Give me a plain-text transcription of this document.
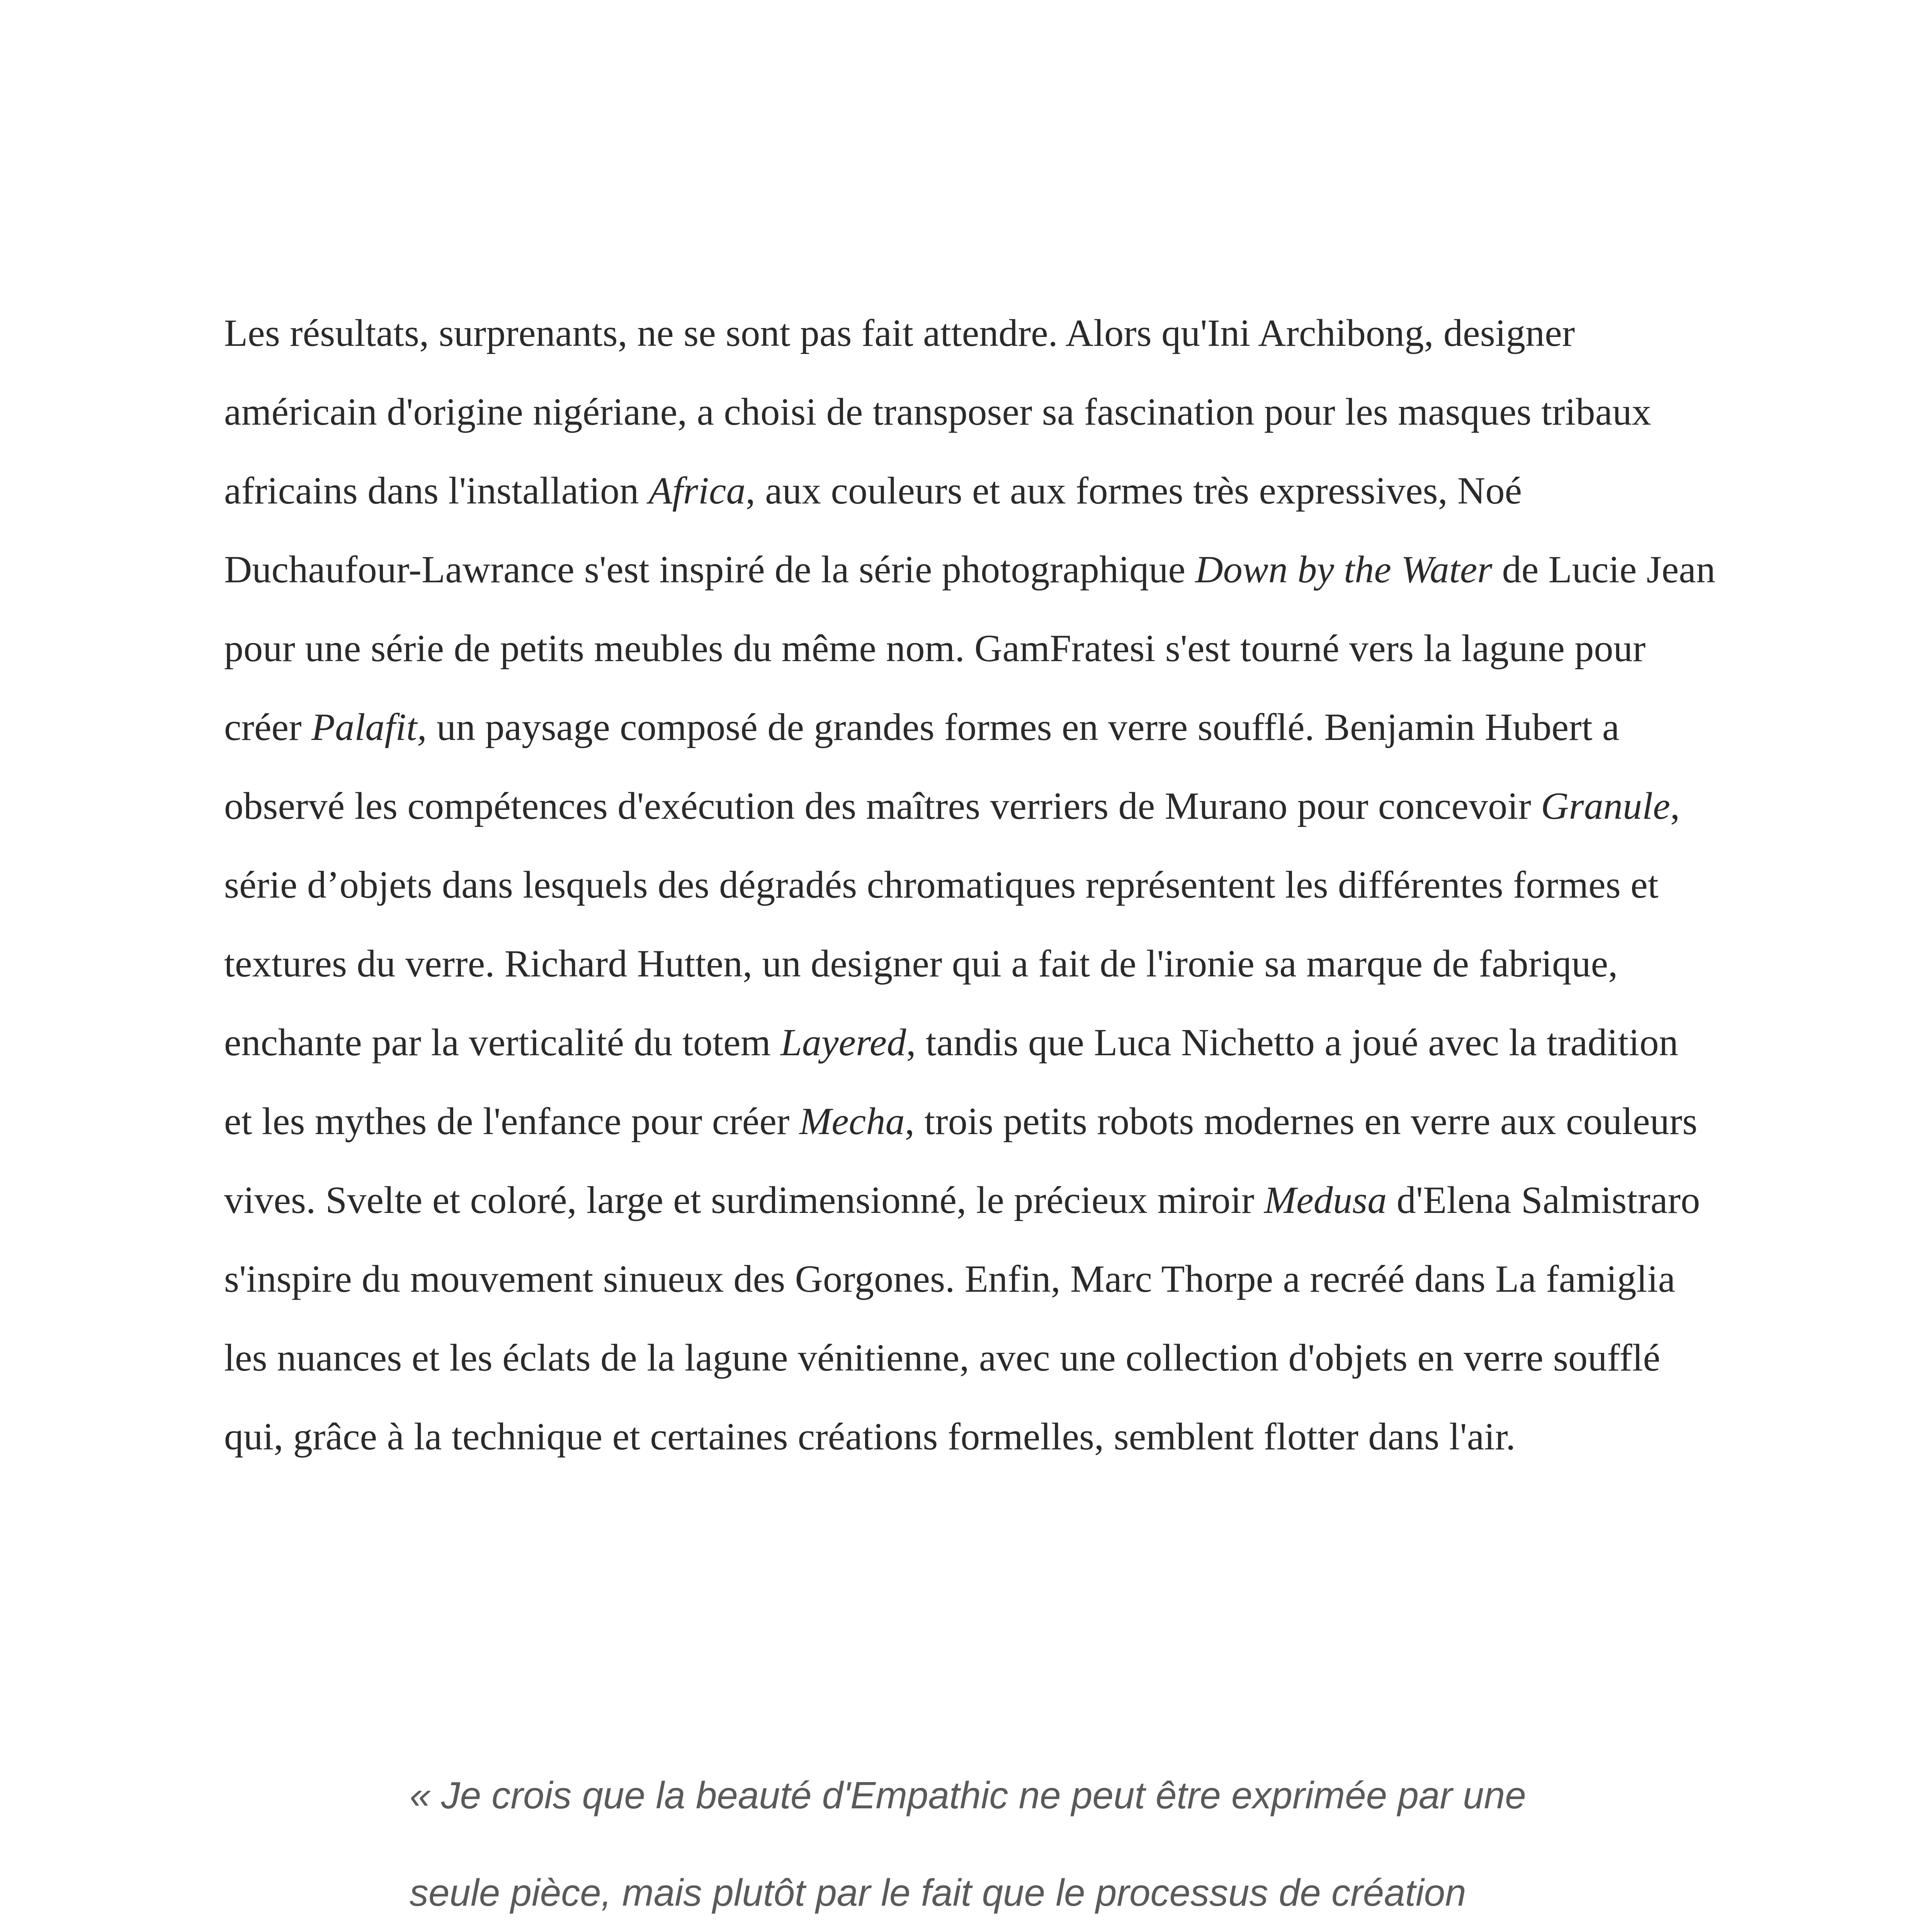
Les résultats, surprenants, ne se sont pas fait attendre. Alors qu'Ini Archibong, designer américain d'origine nigériane, a choisi de transposer sa fascination pour les masques tribaux africains dans l'installation Africa, aux couleurs et aux formes très expressives, Noé Duchaufour-Lawrance s'est inspiré de la série photographique Down by the Water de Lucie Jean pour une série de petits meubles du même nom. GamFratesi s'est tourné vers la lagune pour créer Palafit, un paysage composé de grandes formes en verre soufflé. Benjamin Hubert a observé les compétences d'exécution des maîtres verriers de Murano pour concevoir Granule, série d’objets dans lesquels des dégradés chromatiques représentent les différentes formes et textures du verre. Richard Hutten, un designer qui a fait de l'ironie sa marque de fabrique, enchante par la verticalité du totem Layered, tandis que Luca Nichetto a joué avec la tradition et les mythes de l'enfance pour créer Mecha, trois petits robots modernes en verre aux couleurs vives. Svelte et coloré, large et surdimensionné, le précieux miroir Medusa d'Elena Salmistraro s'inspire du mouvement sinueux des Gorgones. Enfin, Marc Thorpe a recréé dans La famiglia les nuances et les éclats de la lagune vénitienne, avec une collection d'objets en verre soufflé qui, grâce à la technique et certaines créations formelles, semblent flotter dans l'air.

« Je crois que la beauté d'Empathic ne peut être exprimée par une seule pièce, mais plutôt par le fait que le processus de création
